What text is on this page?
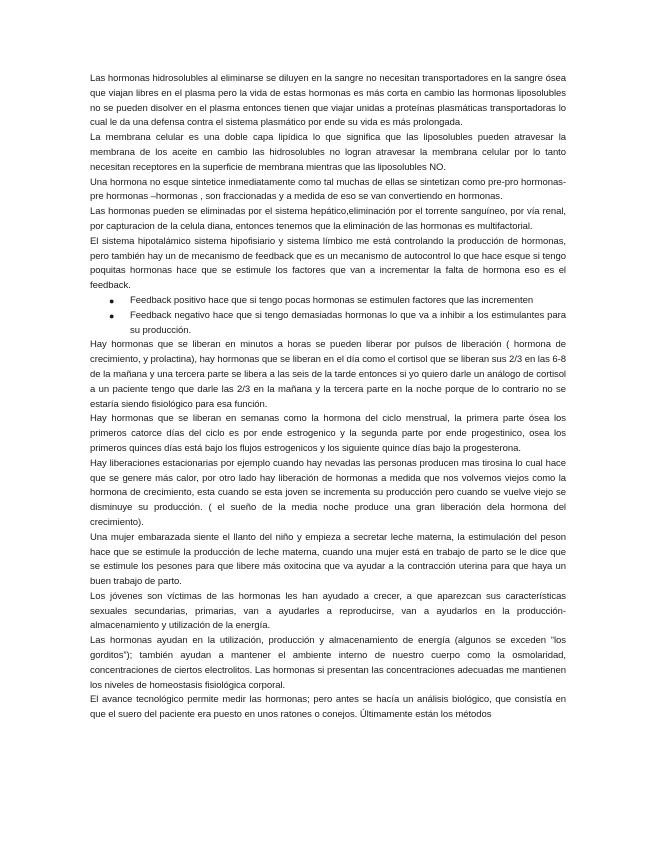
Las hormonas hidrosolubles al eliminarse se diluyen en la sangre no necesitan transportadores en la sangre ósea que viajan libres en el plasma pero la vida de estas hormonas es más corta en cambio las hormonas liposolubles no se pueden disolver en el plasma entonces tienen que viajar unidas a proteínas plasmáticas transportadoras lo cual le da una defensa contra el sistema plasmático por ende su vida es más prolongada.

La membrana celular es una doble capa lipídica lo que significa que las liposolubles pueden atravesar la membrana de los aceite en cambio las hidrosolubles no logran atravesar la membrana celular por lo tanto necesitan receptores en la superficie de membrana mientras que las liposolubles NO.

Una hormona no esque sintetice inmediatamente como tal muchas de ellas se sintetizan como pre-pro hormonas- pre hormonas –hormonas , son fraccionadas y a medida de eso se van convertiendo en hormonas.

Las hormonas pueden se eliminadas por el sistema hepático,eliminación por el torrente sanguíneo, por vía renal, por capturacion de la celula diana, entonces tenemos que la eliminación de las hormonas es multifactorial.

El sistema hipotalámico sistema hipofisiario y sistema límbico me está controlando la producción de hormonas, pero también hay un de mecanismo de feedback que es un mecanismo de autocontrol lo que hace esque si tengo poquitas hormonas hace que se estimule los factores que van a incrementar la falta de hormona eso es el feedback.

● Feedback positivo hace que si tengo pocas hormonas se estimulen factores que las incrementen
● Feedback negativo hace que si tengo demasiadas hormonas lo que va a inhibir a los estimulantes para su producción.

Hay hormonas que se liberan en minutos a horas se pueden liberar por pulsos de liberación ( hormona de crecimiento, y prolactina), hay hormonas que se liberan en el día como el cortisol que se liberan sus 2/3 en las 6-8 de la mañana y una tercera parte se libera a las seis de la tarde entonces si yo quiero darle un análogo de cortisol a un paciente tengo que darle las 2/3 en la mañana y la tercera parte en la noche porque de lo contrario no se estaría siendo fisiológico para esa función.

Hay hormonas que se liberan en semanas como la hormona del ciclo menstrual, la primera parte ósea los primeros catorce días del ciclo es por ende estrogenico y la segunda parte por ende progestinico, osea los primeros quinces días está bajo los flujos estrogenicos y los siguiente quince días bajo la progesterona.

Hay liberaciones estacionarias por ejemplo cuando hay nevadas las personas producen mas tirosina lo cual hace que se genere más calor, por otro lado hay liberación de hormonas a medida que nos volvemos viejos como la hormona de crecimiento, esta cuando se esta joven se incrementa su producción pero cuando se vuelve viejo se disminuye su producción. ( el sueño de la media noche produce una gran liberación dela hormona del crecimiento).

Una mujer embarazada siente el llanto del niño y empieza a secretar leche materna, la estimulación del peson hace que se estimule la producción de leche materna, cuando una mujer está en trabajo de parto se le dice que se estimule los pesones para que libere más oxitocina que va ayudar a la contracción uterina para que haya un buen trabajo de parto.

Los jóvenes son víctimas de las hormonas les han ayudado a crecer, a que aparezcan sus características sexuales secundarias, primarias, van a ayudarles a reproducirse, van a ayudarlos en la producción-almacenamiento y utilización de la energía.

Las hormonas ayudan en la utilización, producción y almacenamiento de energía (algunos se exceden “los gorditos”); también ayudan a mantener el ambiente interno de nuestro cuerpo como la osmolaridad, concentraciones de ciertos electrolitos. Las hormonas si presentan las concentraciones adecuadas me mantienen los niveles de homeostasis fisiológica corporal.

El avance tecnológico permite medir las hormonas; pero antes se hacía un análisis biológico, que consistía en que el suero del paciente era puesto en unos ratones o conejos. Últimamente están los métodos
